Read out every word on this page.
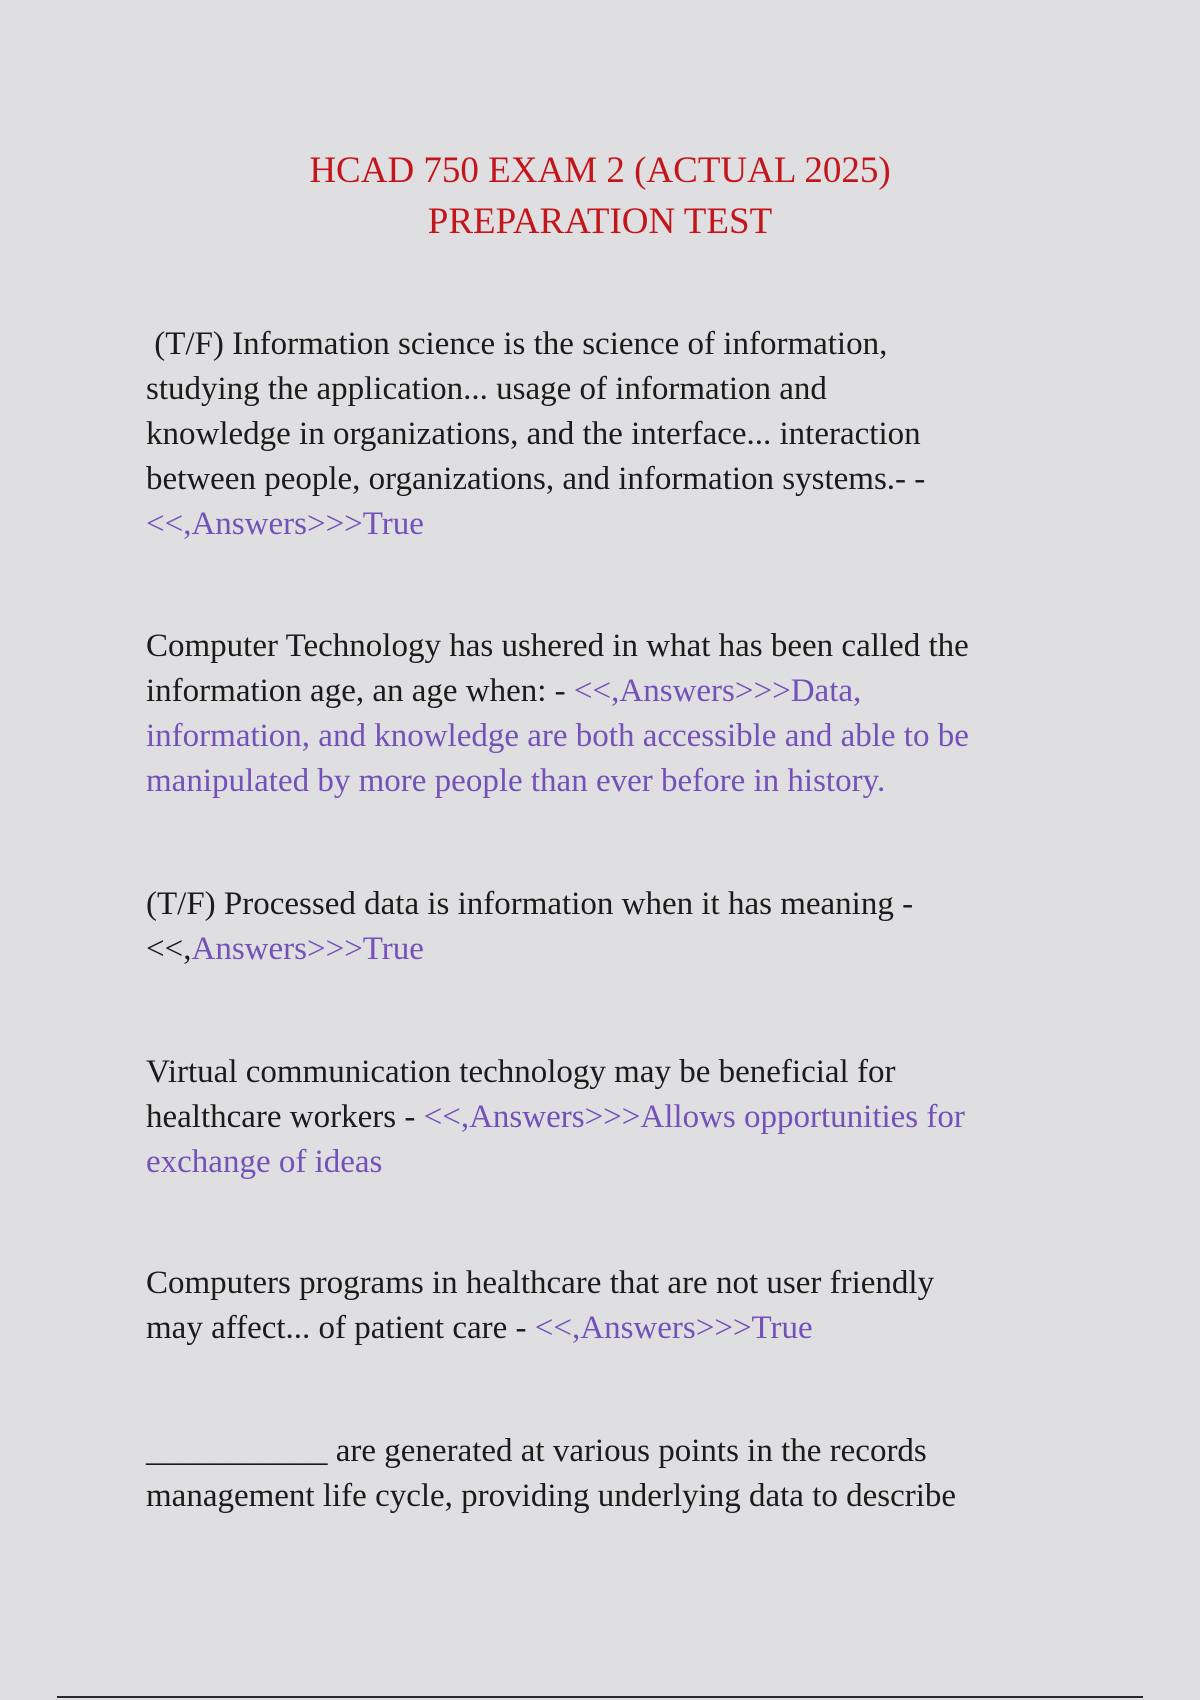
HCAD 750 EXAM 2 (ACTUAL 2025)
PREPARATION TEST
(T/F) Information science is the science of information,
studying the application... usage of information and
knowledge in organizations, and the interface... interaction
between people, organizations, and information systems.- -
<<,Answers>>>True
Computer Technology has ushered in what has been called the
information age, an age when: - <<,Answers>>>Data,
information, and knowledge are both accessible and able to be
manipulated by more people than ever before in history.
(T/F) Processed data is information when it has meaning -
<<,Answers>>>True
Virtual communication technology may be beneficial for
healthcare workers - <<,Answers>>>Allows opportunities for
exchange of ideas
Computers programs in healthcare that are not user friendly
may affect... of patient care - <<,Answers>>>True
___________ are generated at various points in the records
management life cycle, providing underlying data to describe
